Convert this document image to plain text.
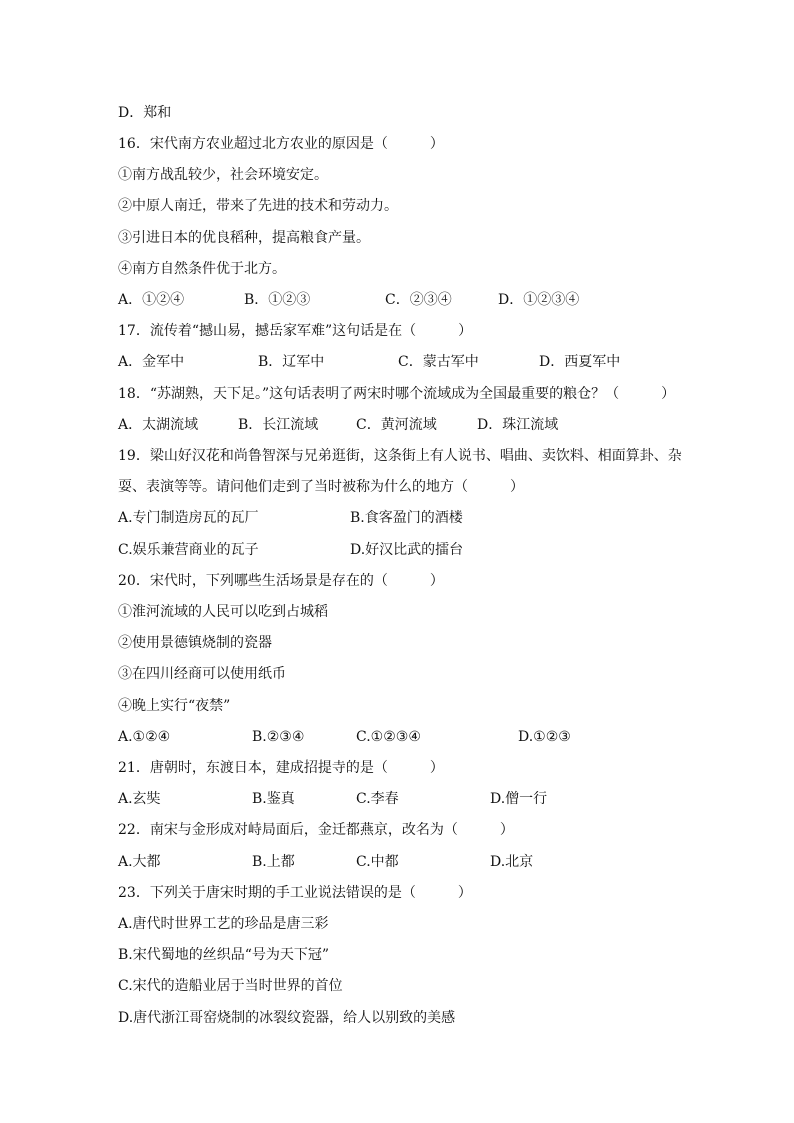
D．郑和
16．宋代南方农业超过北方农业的原因是（　　　）
①南方战乱较少，社会环境安定。
②中原人南迁，带来了先进的技术和劳动力。
③引进日本的优良稻种，提高粮食产量。
④南方自然条件优于北方。
A．①②④	B．①②③	C．②③④	D．①②③④
17．流传着“撼山易，撼岳家军难”这句话是在（　　　）
A．金军中	B．辽军中	C．蒙古军中	D．西夏军中
18．“苏湖熟，天下足。”这句话表明了两宋时哪个流域成为全国最重要的粮仓？（　　　）
A．太湖流域	B．长江流域	C．黄河流域	D．珠江流域
19．梁山好汉花和尚鲁智深与兄弟逛街，这条街上有人说书、唱曲、卖饮料、相面算卦、杂
耍、表演等等。请问他们走到了当时被称为什么的地方（　　　）
A.专门制造房瓦的瓦厂	B.食客盈门的酒楼
C.娱乐兼营商业的瓦子	D.好汉比武的擂台
20．宋代时，下列哪些生活场景是存在的（　　　）
①淮河流域的人民可以吃到占城稻
②使用景德镇烧制的瓷器
③在四川经商可以使用纸币
④晚上实行“夜禁”
A.①②④	B.②③④	C.①②③④	D.①②③
21．唐朝时，东渡日本，建成招提寺的是（　　　）
A.玄奘	B.鉴真	C.李春	D.僧一行
22．南宋与金形成对峙局面后，金迁都燕京，改名为（　　　）
A.大都	B.上都	C.中都	D.北京
23．下列关于唐宋时期的手工业说法错误的是（　　　）
A.唐代时世界工艺的珍品是唐三彩
B.宋代蜀地的丝织品“号为天下冠”
C.宋代的造船业居于当时世界的首位
D.唐代浙江哥窑烧制的冰裂纹瓷器，给人以别致的美感
